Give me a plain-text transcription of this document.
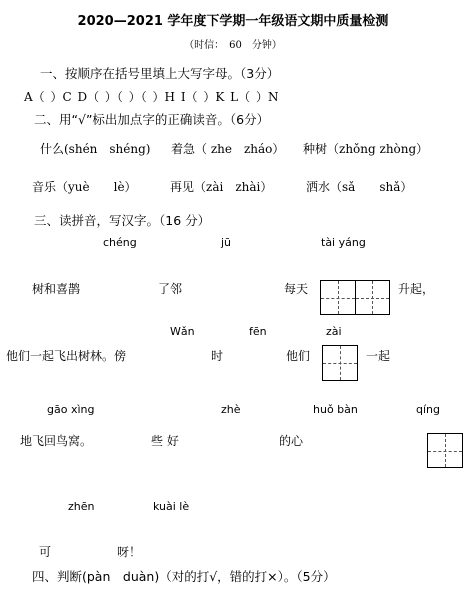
2020—2021 学年度下学期一年级语文期中质量检测
（时信：　60　分钟）
一、按顺序在括号里填上大写字母。（3分）
A（ ）C D（ ）（ ）（ ）H I（ ）K L（ ）N
二、用“√”标出加点字的正确读音。（6分）
什么(shén　shéng) 着急（ zhe　zháo） 种树（zhǒng zhòng）
音乐（yuè　　lè）	再见（zài　zhài）	洒水（sǎ　　shǎ）
三、读拼音，写汉字。（16 分）
chéng	jū	tài yáng
树和喜鹊	了邻	每天	升起，
Wǎn	fēn	zài
他们一起飞出树林。傍	时	他们	一起
gāo xìng	zhè	huǒ bàn	qíng
地飞回鸟窝。	些 好	的心
zhēn	kuài lè
可	呀！
四、判断(pàn　duàn)（对的打√，错的打×）。（5分）
